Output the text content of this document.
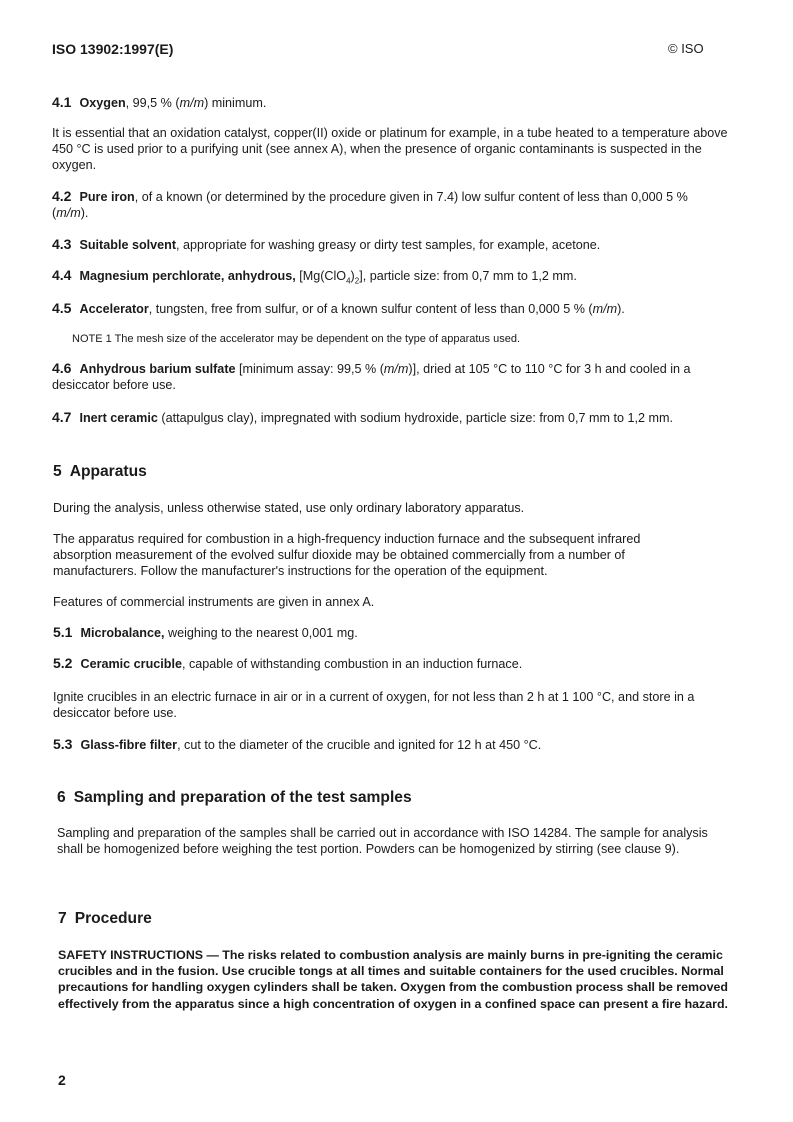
ISO 13902:1997(E)	© ISO
4.1 Oxygen, 99,5 % (m/m) minimum.
It is essential that an oxidation catalyst, copper(II) oxide or platinum for example, in a tube heated to a temperature above 450 °C is used prior to a purifying unit (see annex A), when the presence of organic contaminants is suspected in the oxygen.
4.2 Pure iron, of a known (or determined by the procedure given in 7.4) low sulfur content of less than 0,000 5 % (m/m).
4.3 Suitable solvent, appropriate for washing greasy or dirty test samples, for example, acetone.
4.4 Magnesium perchlorate, anhydrous, $[Mg(ClO_4)_2]$, particle size: from 0,7 mm to 1,2 mm.
4.5 Accelerator, tungsten, free from sulfur, or of a known sulfur content of less than 0,000 5 % (m/m).
NOTE 1 The mesh size of the accelerator may be dependent on the type of apparatus used.
4.6 Anhydrous barium sulfate [minimum assay: 99,5 % (m/m)], dried at 105 °C to 110 °C for 3 h and cooled in a desiccator before use.
4.7 Inert ceramic (attapulgus clay), impregnated with sodium hydroxide, particle size: from 0,7 mm to 1,2 mm.
5 Apparatus
During the analysis, unless otherwise stated, use only ordinary laboratory apparatus.
The apparatus required for combustion in a high-frequency induction furnace and the subsequent infrared absorption measurement of the evolved sulfur dioxide may be obtained commercially from a number of manufacturers. Follow the manufacturer's instructions for the operation of the equipment.
Features of commercial instruments are given in annex A.
5.1 Microbalance, weighing to the nearest 0,001 mg.
5.2 Ceramic crucible, capable of withstanding combustion in an induction furnace.
Ignite crucibles in an electric furnace in air or in a current of oxygen, for not less than 2 h at 1 100 °C, and store in a desiccator before use.
5.3 Glass-fibre filter, cut to the diameter of the crucible and ignited for 12 h at 450 °C.
6 Sampling and preparation of the test samples
Sampling and preparation of the samples shall be carried out in accordance with ISO 14284. The sample for analysis shall be homogenized before weighing the test portion. Powders can be homogenized by stirring (see clause 9).
7 Procedure
SAFETY INSTRUCTIONS — The risks related to combustion analysis are mainly burns in pre-igniting the ceramic crucibles and in the fusion. Use crucible tongs at all times and suitable containers for the used crucibles. Normal precautions for handling oxygen cylinders shall be taken. Oxygen from the combustion process shall be removed effectively from the apparatus since a high concentration of oxygen in a confined space can present a fire hazard.
2
